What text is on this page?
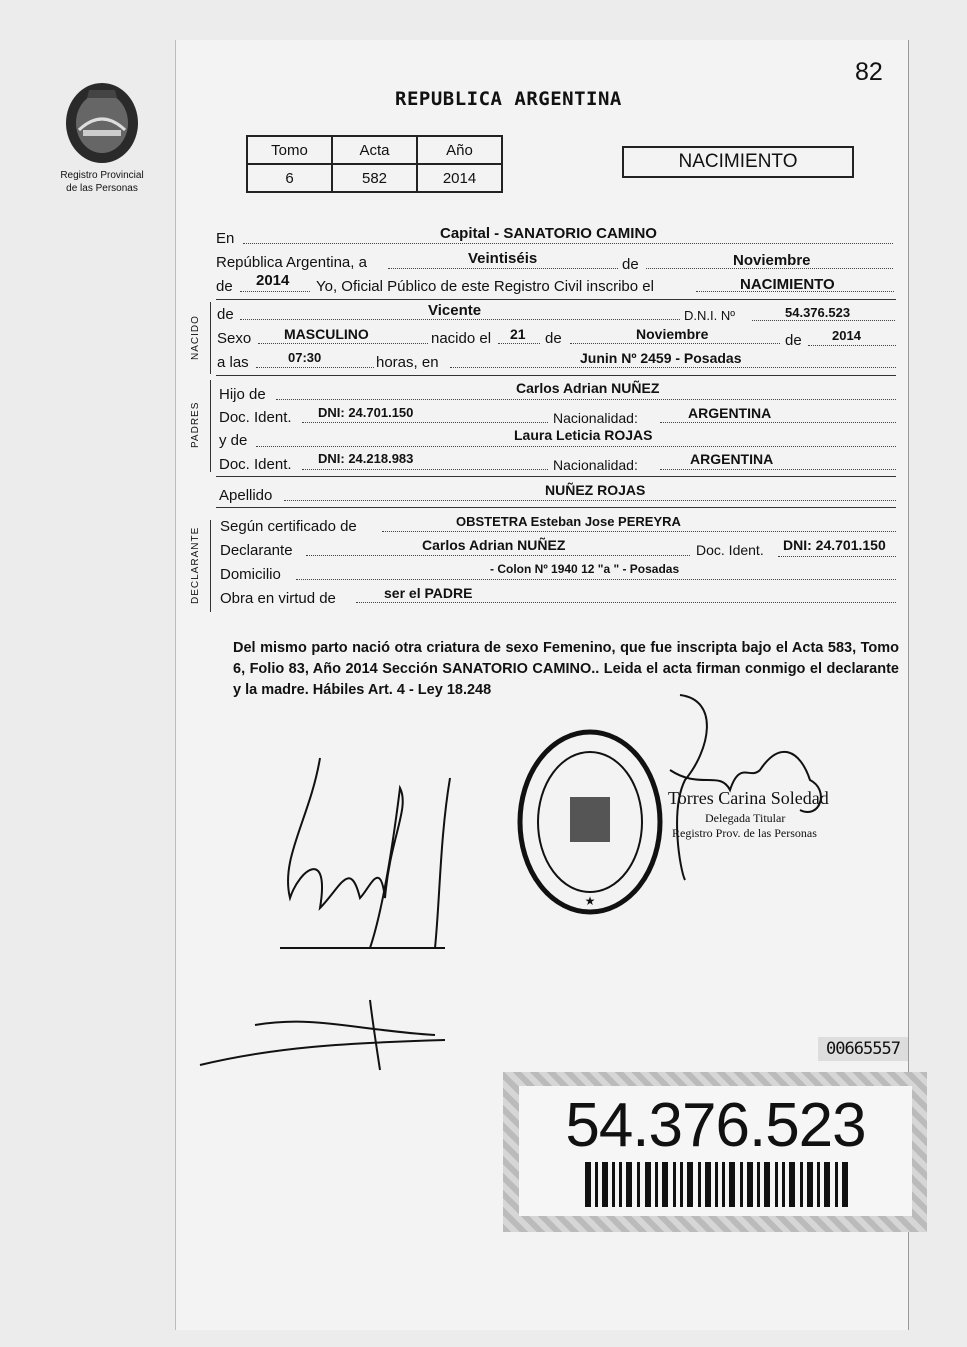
Registro Provincial
de las Personas
82
REPUBLICA ARGENTINA
Tomo	Acta	Año
6	582	2014
NACIMIENTO
En	Capital - SANATORIO CAMINO
República Argentina, a	Veintiséis	de	Noviembre
de 2014 Yo, Oficial Público de este Registro Civil inscribo el	NACIMIENTO
NACIDO
de	Vicente	D.N.I. Nº	54.376.523
Sexo MASCULINO	nacido el 21 de	Noviembre	de 2014
a las	07:30	horas, en	Junin Nº 2459 - Posadas
PADRES
Hijo de	Carlos Adrian NUÑEZ
Doc. Ident. DNI: 24.701.150	Nacionalidad:	ARGENTINA
y de	Laura Leticia ROJAS
Doc. Ident. DNI: 24.218.983	Nacionalidad:	ARGENTINA
Apellido	NUÑEZ ROJAS
DECLARANTE
Según certificado de	OBSTETRA Esteban Jose PEREYRA
Declarante	Carlos Adrian NUÑEZ	Doc. Ident. DNI: 24.701.150
Domicilio	- Colon Nº 1940 12 "a " - Posadas
Obra en virtud de	ser el PADRE
Del mismo parto nació otra criatura de sexo Femenino, que fue inscripta bajo el Acta 583, Tomo 6, Folio 83, Año 2014 Sección SANATORIO CAMINO.. Leida el acta firman conmigo el declarante y la madre. Hábiles Art. 4 - Ley 18.248
★
Torres Carina Soledad
Delegada Titular
Registro Prov. de las Personas
00665557
54.376.523
